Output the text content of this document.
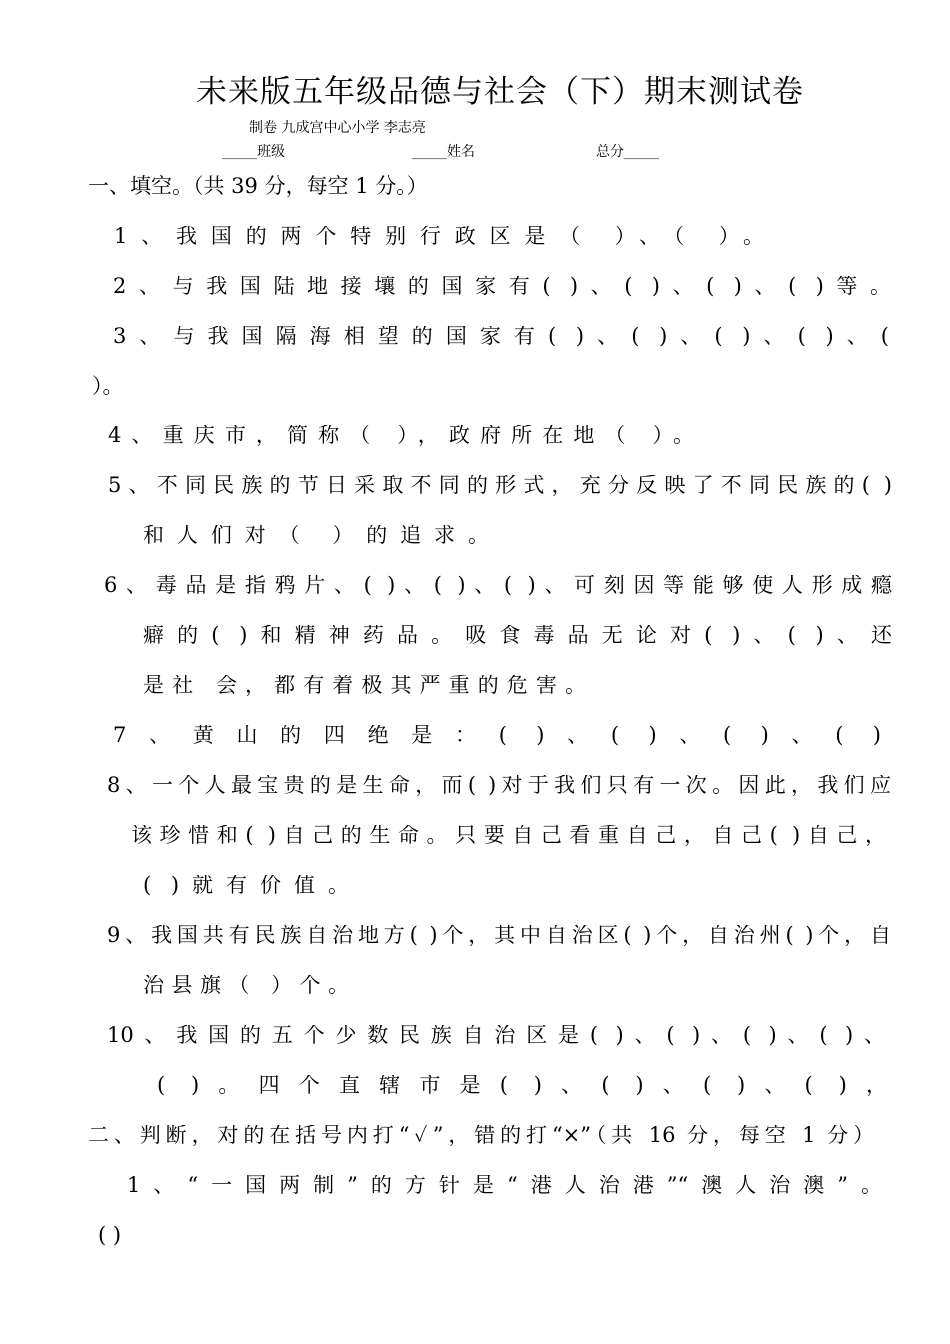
未来版五年级品德与社会（下）期末测试卷
制卷 九成宫中心小学 李志亮
_____班级	_____姓名	总分_____
一、填空。（共 39 分，每空 1 分。）
1、我国的两个特别行政区是（ ）、（ ）。
2、与我国陆地接壤的国家有( )、( )、( )、( )等。
3、与我国隔海相望的国家有( )、( )、( )、( )、(
）。
4、重庆市，简称（ ），政府所在地（ ）。
5、不同民族的节日采取不同的形式，充分反映了不同民族的( )
和人们对（ ）的追求。
6、毒品是指鸦片、( )、( )、( )、可刻因等能够使人形成瘾
癖的( )和精神药品。吸食毒品无论对( )、( )、还
是社 会，都有着极其严重的危害。
7、黄山的四绝是：( )、( )、( )、( )
8、一个人最宝贵的是生命，而( )对于我们只有一次。因此，我们应
该珍惜和( )自己的生命。只要自己看重自己，自己( )自己，
( )就有价值。
9、我国共有民族自治地方( )个，其中自治区( )个，自治州( )个，自
治县旗（ ）个。
10、我国的五个少数民族自治区是( )、( )、( )、( )、
( )。四个直辖市是( )、( )、( )、( )，
二、判断，对的在括号内打“✓”，错的打“×”（共 16 分，每空 1 分）
1、“一国两制”的方针是“港人治港”“澳人治澳”。
( )
